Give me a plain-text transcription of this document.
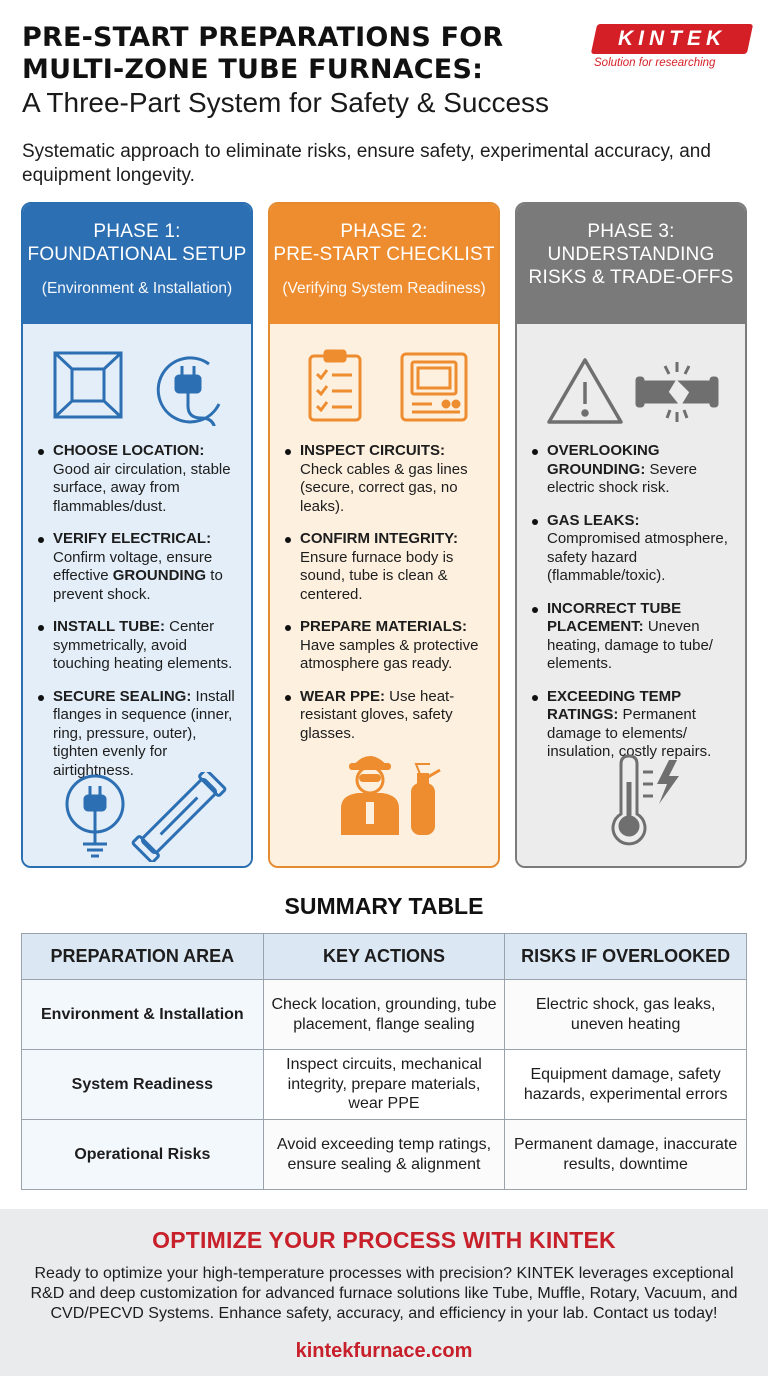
PRE-START PREPARATIONS FOR
MULTI-ZONE TUBE FURNACES:
A Three-Part System for Safety & Success
KINTEK
Solution for researching
Systematic approach to eliminate risks, ensure safety, experimental accuracy, and equipment longevity.
PHASE 1:
FOUNDATIONAL SETUP
(Environment & Installation)
CHOOSE LOCATION: Good air circulation, stable surface, away from flammables/dust.
VERIFY ELECTRICAL: Confirm voltage, ensure effective GROUNDING to prevent shock.
INSTALL TUBE: Center symmetrically, avoid touching heating elements.
SECURE SEALING: Install flanges in sequence (inner, ring, pressure, outer), tighten evenly for airtightness.
PHASE 2:
PRE-START CHECKLIST
(Verifying System Readiness)
INSPECT CIRCUITS: Check cables & gas lines (secure, correct gas, no leaks).
CONFIRM INTEGRITY: Ensure furnace body is sound, tube is clean & centered.
PREPARE MATERIALS: Have samples & protective atmosphere gas ready.
WEAR PPE: Use heat-resistant gloves, safety glasses.
PHASE 3:
UNDERSTANDING
RISKS & TRADE-OFFS
OVERLOOKING GROUNDING: Severe electric shock risk.
GAS LEAKS: Compromised atmosphere, safety hazard (flammable/toxic).
INCORRECT TUBE PLACEMENT: Uneven heating, damage to tube/ elements.
EXCEEDING TEMP RATINGS: Permanent damage to elements/ insulation, costly repairs.
SUMMARY TABLE
PREPARATION AREA	KEY ACTIONS	RISKS IF OVERLOOKED
Environment & Installation	Check location, grounding, tube placement, flange sealing	Electric shock, gas leaks, uneven heating
System Readiness	Inspect circuits, mechanical integrity, prepare materials, wear PPE	Equipment damage, safety hazards, experimental errors
Operational Risks	Avoid exceeding temp ratings, ensure sealing & alignment	Permanent damage, inaccurate results, downtime
OPTIMIZE YOUR PROCESS WITH KINTEK
Ready to optimize your high-temperature processes with precision? KINTEK leverages exceptional R&D and deep customization for advanced furnace solutions like Tube, Muffle, Rotary, Vacuum, and CVD/PECVD Systems. Enhance safety, accuracy, and efficiency in your lab. Contact us today!
kintekfurnace.com
